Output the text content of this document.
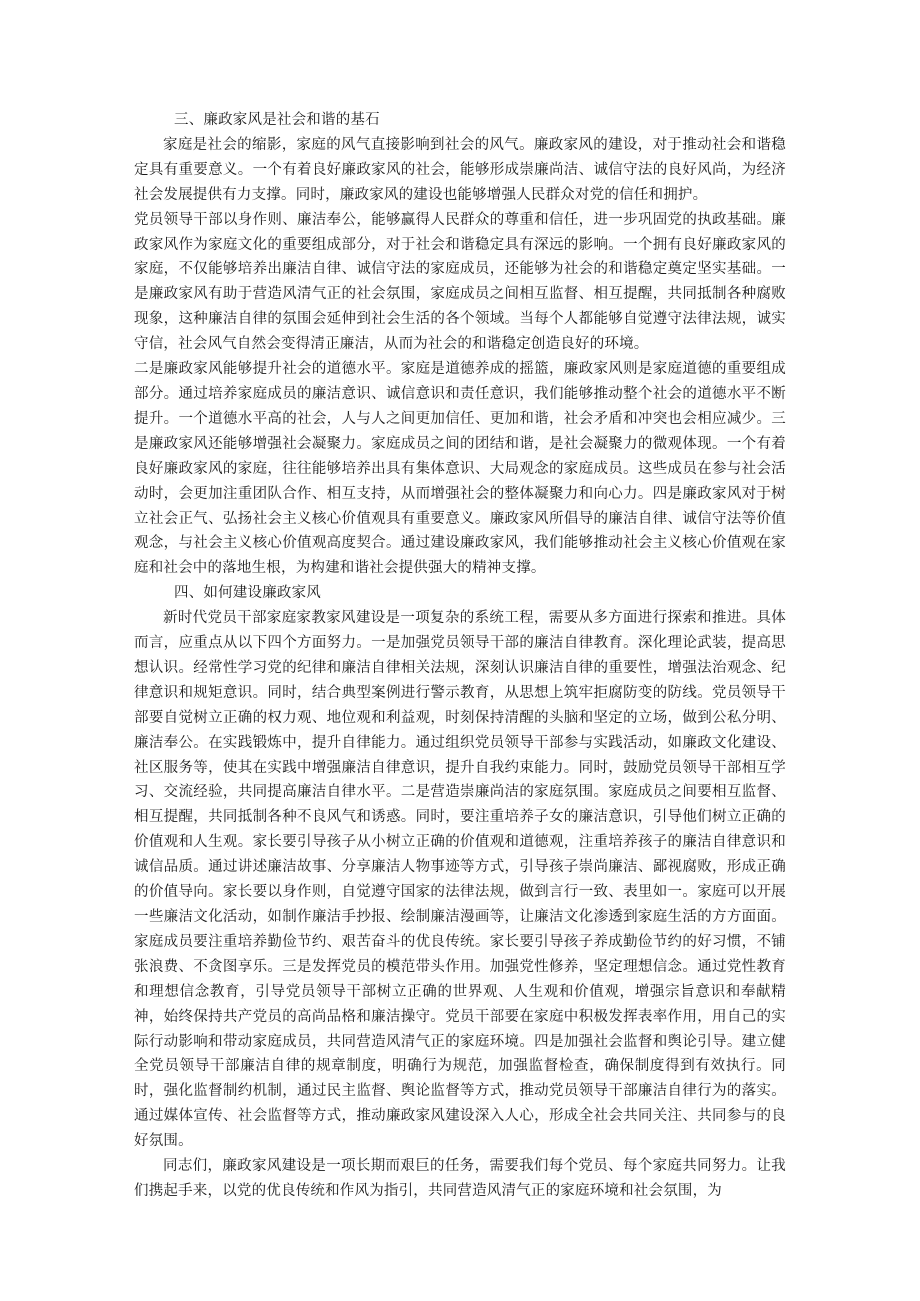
三、廉政家风是社会和谐的基石

家庭是社会的缩影，家庭的风气直接影响到社会的风气。廉政家风的建设，对于推动社会和谐稳定具有重要意义。一个有着良好廉政家风的社会，能够形成崇廉尚洁、诚信守法的良好风尚，为经济社会发展提供有力支撑。同时，廉政家风的建设也能够增强人民群众对党的信任和拥护。

党员领导干部以身作则、廉洁奉公，能够赢得人民群众的尊重和信任，进一步巩固党的执政基础。廉政家风作为家庭文化的重要组成部分，对于社会和谐稳定具有深远的影响。一个拥有良好廉政家风的家庭，不仅能够培养出廉洁自律、诚信守法的家庭成员，还能够为社会的和谐稳定奠定坚实基础。一是廉政家风有助于营造风清气正的社会氛围，家庭成员之间相互监督、相互提醒，共同抵制各种腐败现象，这种廉洁自律的氛围会延伸到社会生活的各个领域。当每个人都能够自觉遵守法律法规，诚实守信，社会风气自然会变得清正廉洁，从而为社会的和谐稳定创造良好的环境。

二是廉政家风能够提升社会的道德水平。家庭是道德养成的摇篮，廉政家风则是家庭道德的重要组成部分。通过培养家庭成员的廉洁意识、诚信意识和责任意识，我们能够推动整个社会的道德水平不断提升。一个道德水平高的社会，人与人之间更加信任、更加和谐，社会矛盾和冲突也会相应减少。三是廉政家风还能够增强社会凝聚力。家庭成员之间的团结和谐，是社会凝聚力的微观体现。一个有着良好廉政家风的家庭，往往能够培养出具有集体意识、大局观念的家庭成员。这些成员在参与社会活动时，会更加注重团队合作、相互支持，从而增强社会的整体凝聚力和向心力。四是廉政家风对于树立社会正气、弘扬社会主义核心价值观具有重要意义。廉政家风所倡导的廉洁自律、诚信守法等价值观念，与社会主义核心价值观高度契合。通过建设廉政家风，我们能够推动社会主义核心价值观在家庭和社会中的落地生根，为构建和谐社会提供强大的精神支撑。

四、如何建设廉政家风

新时代党员干部家庭家教家风建设是一项复杂的系统工程，需要从多方面进行探索和推进。具体而言，应重点从以下四个方面努力。一是加强党员领导干部的廉洁自律教育。深化理论武装，提高思想认识。经常性学习党的纪律和廉洁自律相关法规，深刻认识廉洁自律的重要性，增强法治观念、纪律意识和规矩意识。同时，结合典型案例进行警示教育，从思想上筑牢拒腐防变的防线。党员领导干部要自觉树立正确的权力观、地位观和利益观，时刻保持清醒的头脑和坚定的立场，做到公私分明、廉洁奉公。在实践锻炼中，提升自律能力。通过组织党员领导干部参与实践活动，如廉政文化建设、社区服务等，使其在实践中增强廉洁自律意识，提升自我约束能力。同时，鼓励党员领导干部相互学习、交流经验，共同提高廉洁自律水平。二是营造崇廉尚洁的家庭氛围。家庭成员之间要相互监督、相互提醒，共同抵制各种不良风气和诱惑。同时，要注重培养子女的廉洁意识，引导他们树立正确的价值观和人生观。家长要引导孩子从小树立正确的价值观和道德观，注重培养孩子的廉洁自律意识和诚信品质。通过讲述廉洁故事、分享廉洁人物事迹等方式，引导孩子崇尚廉洁、鄙视腐败，形成正确的价值导向。家长要以身作则，自觉遵守国家的法律法规，做到言行一致、表里如一。家庭可以开展一些廉洁文化活动，如制作廉洁手抄报、绘制廉洁漫画等，让廉洁文化渗透到家庭生活的方方面面。家庭成员要注重培养勤俭节约、艰苦奋斗的优良传统。家长要引导孩子养成勤俭节约的好习惯，不铺张浪费、不贪图享乐。三是发挥党员的模范带头作用。加强党性修养，坚定理想信念。通过党性教育和理想信念教育，引导党员领导干部树立正确的世界观、人生观和价值观，增强宗旨意识和奉献精神，始终保持共产党员的高尚品格和廉洁操守。党员干部要在家庭中积极发挥表率作用，用自己的实际行动影响和带动家庭成员，共同营造风清气正的家庭环境。四是加强社会监督和舆论引导。建立健全党员领导干部廉洁自律的规章制度，明确行为规范，加强监督检查，确保制度得到有效执行。同时，强化监督制约机制，通过民主监督、舆论监督等方式，推动党员领导干部廉洁自律行为的落实。通过媒体宣传、社会监督等方式，推动廉政家风建设深入人心，形成全社会共同关注、共同参与的良好氛围。

同志们，廉政家风建设是一项长期而艰巨的任务，需要我们每个党员、每个家庭共同努力。让我们携起手来，以党的优良传统和作风为指引，共同营造风清气正的家庭环境和社会氛围，为
